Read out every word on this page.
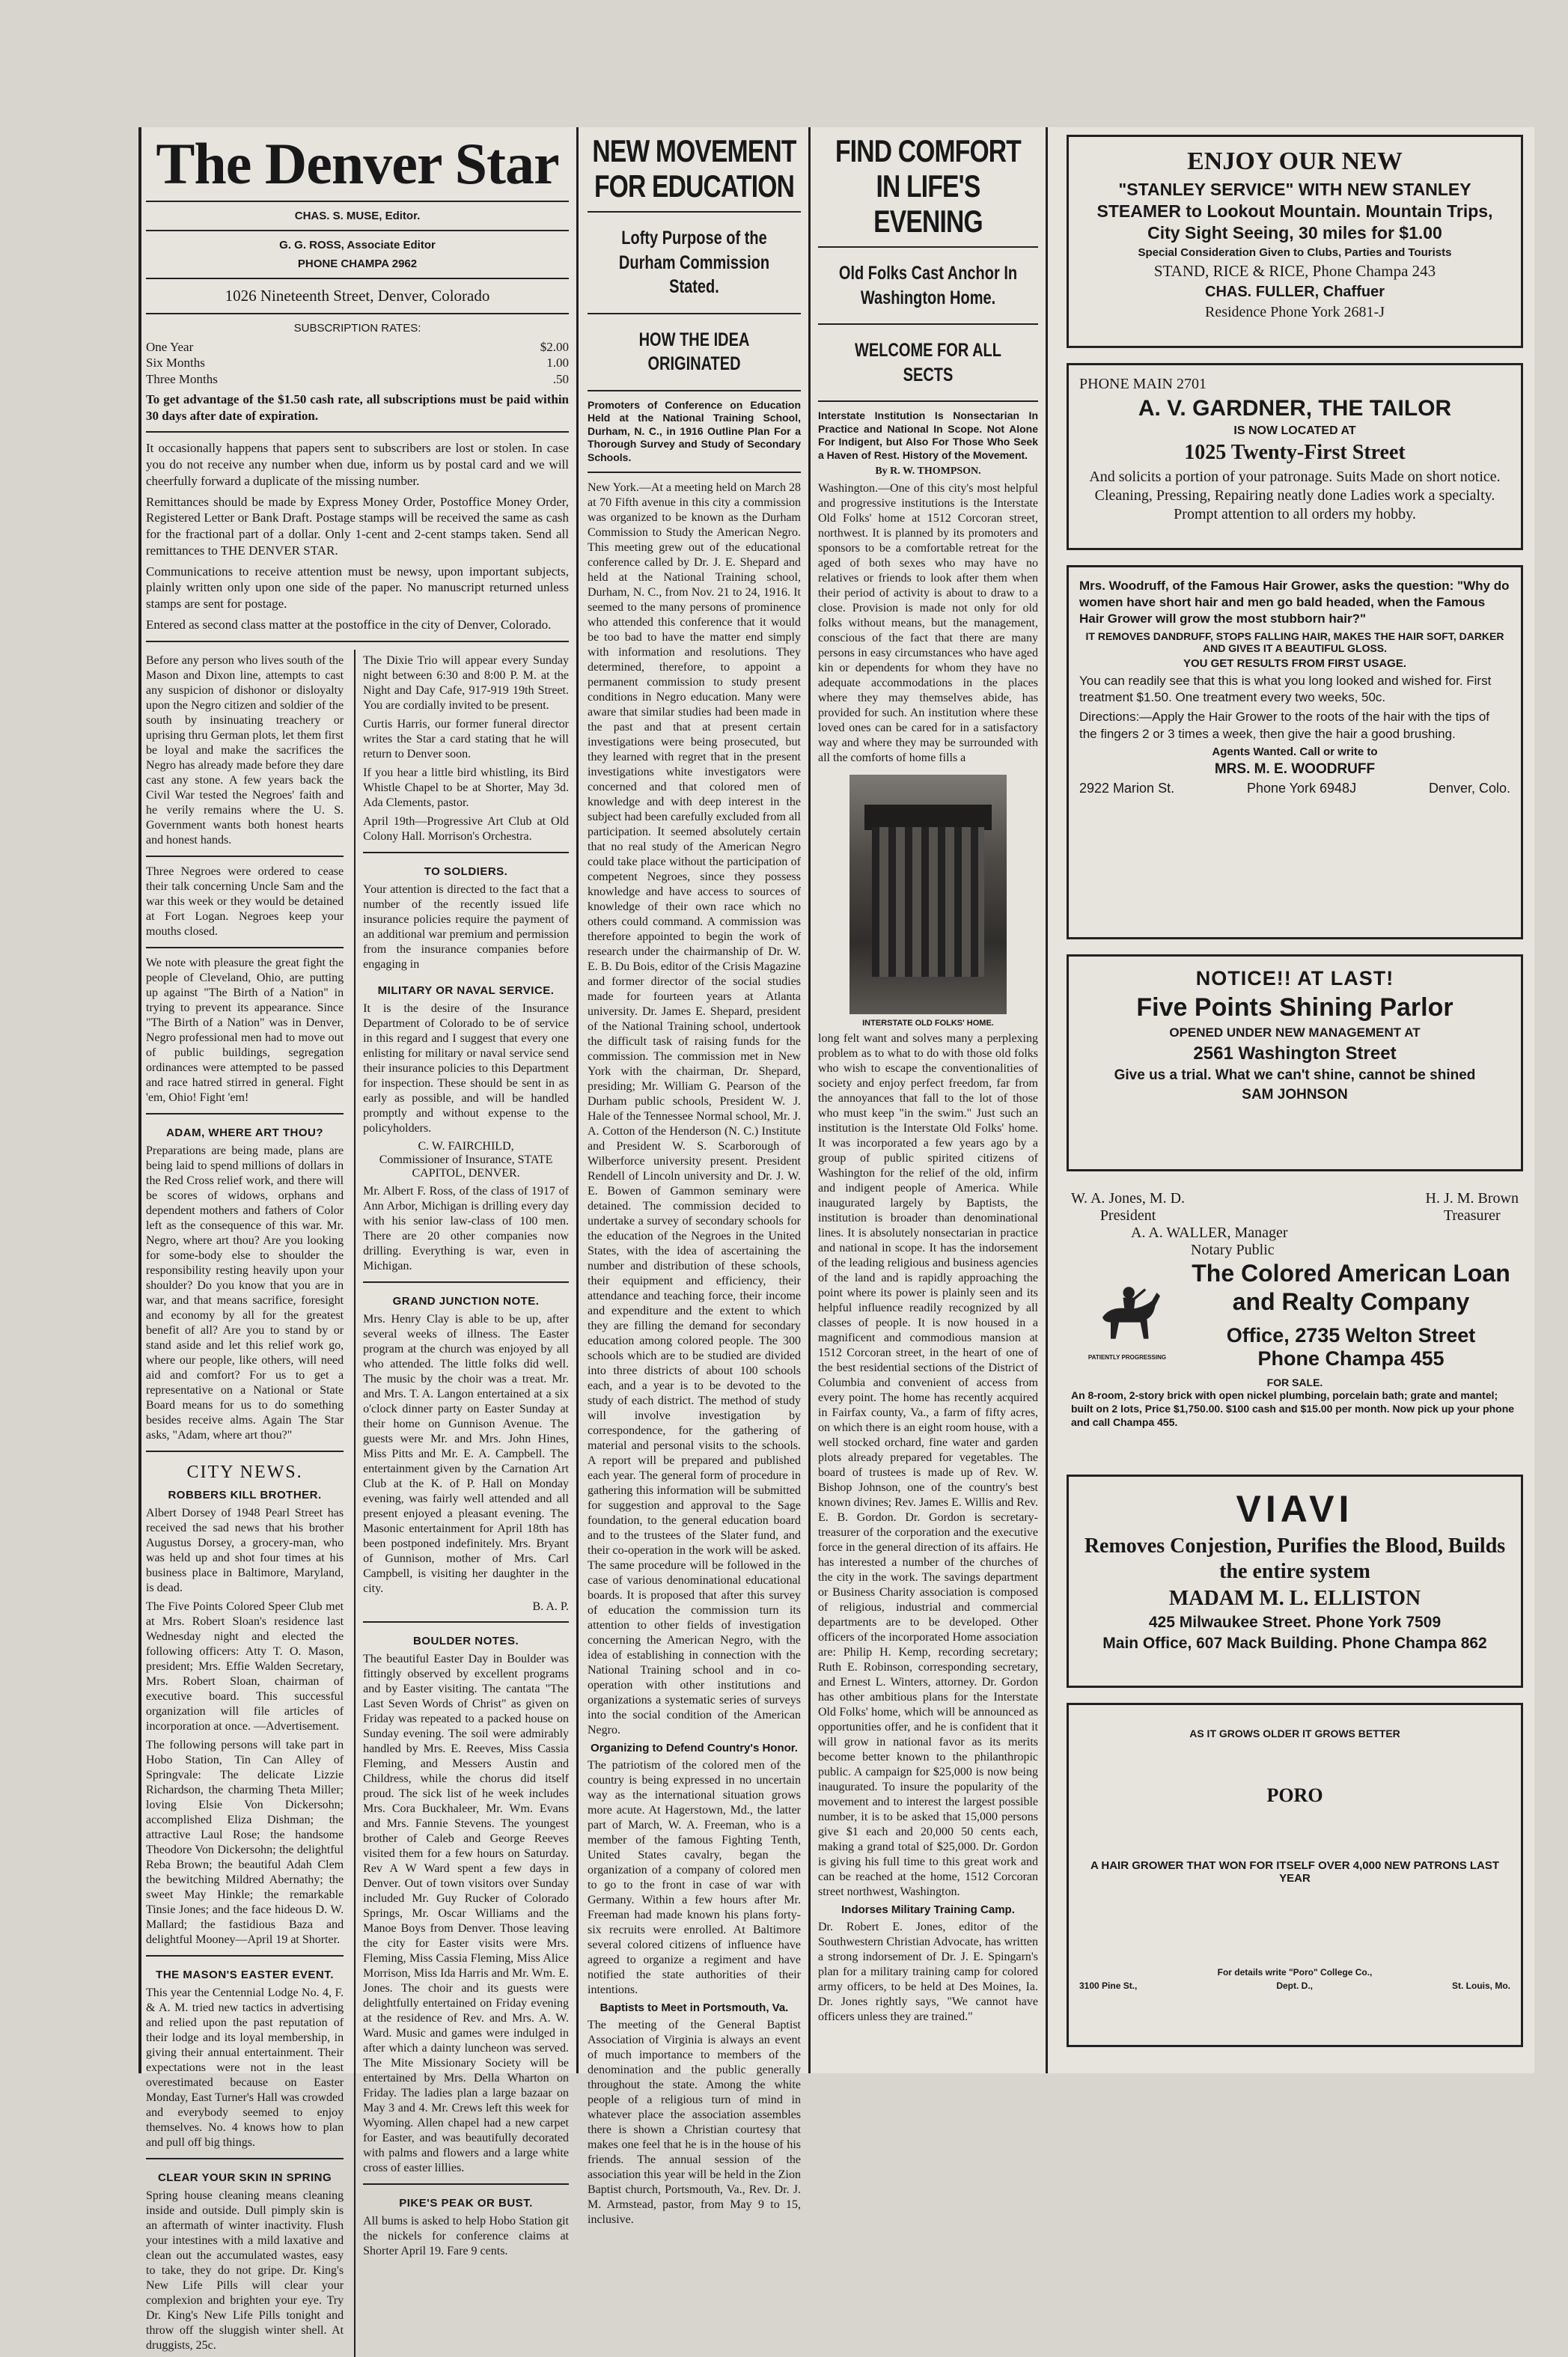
The Denver Star
CHAS. S. MUSE, Editor.
G. G. ROSS, Associate Editor
PHONE CHAMPA 2962
1026 Nineteenth Street, Denver, Colorado
SUBSCRIPTION RATES:
One Year	$2.00
Six Months	1.00
Three Months	.50

To get advantage of the $1.50 cash rate, all subscriptions must be paid within 30 days after date of expiration.

It occasionally happens that papers sent to subscribers are lost or stolen. In case you do not receive any number when due, inform us by postal card and we will cheerfully forward a duplicate of the missing number.

Remittances should be made by Express Money Order, Postoffice Money Order, Registered Letter or Bank Draft. Postage stamps will be received the same as cash for the fractional part of a dollar. Only 1-cent and 2-cent stamps taken. Send all remittances to THE DENVER STAR.

Communications to receive attention must be newsy, upon important subjects, plainly written only upon one side of the paper. No manuscript returned unless stamps are sent for postage.

Entered as second class matter at the postoffice in the city of Denver, Colorado.

Before any person who lives south of the Mason and Dixon line, attempts to cast any suspicion of dishonor or disloyalty upon the Negro citizen and soldier of the south by insinuating treachery or uprising thru German plots, let them first be loyal and make the sacrifices the Negro has already made before they dare cast any stone. A few years back the Civil War tested the Negroes' faith and he verily remains where the U. S. Government wants both honest hearts and honest hands.

Three Negroes were ordered to cease their talk concerning Uncle Sam and the war this week or they would be detained at Fort Logan. Negroes keep your mouths closed.

We note with pleasure the great fight the people of Cleveland, Ohio, are putting up against "The Birth of a Nation" in trying to prevent its appearance. Since "The Birth of a Nation" was in Denver, Negro professional men had to move out of public buildings, segregation ordinances were attempted to be passed and race hatred stirred in general. Fight 'em, Ohio! Fight 'em!

ADAM, WHERE ART THOU?

Preparations are being made, plans are being laid to spend millions of dollars in the Red Cross relief work, and there will be scores of widows, orphans and dependent mothers and fathers of Color left as the consequence of this war. Mr. Negro, where art thou? Are you looking for some-body else to shoulder the responsibility resting heavily upon your shoulder? Do you know that you are in war, and that means sacrifice, foresight and economy by all for the greatest benefit of all? Are you to stand by or stand aside and let this relief work go, where our people, like others, will need aid and comfort? For us to get a representative on a National or State Board means for us to do something besides receive alms. Again The Star asks, "Adam, where art thou?"

CITY NEWS.
ROBBERS KILL BROTHER.

Albert Dorsey of 1948 Pearl Street has received the sad news that his brother Augustus Dorsey, a grocery-man, who was held up and shot four times at his business place in Baltimore, Maryland, is dead.

The Five Points Colored Speer Club met at Mrs. Robert Sloan's residence last Wednesday night and elected the following officers: Atty T. O. Mason, president; Mrs. Effie Walden Secretary, Mrs. Robert Sloan, chairman of executive board. This successful organization will file articles of incorporation at once. —Advertisement.

The following persons will take part in Hobo Station, Tin Can Alley of Springvale: The delicate Lizzie Richardson, the charming Theta Miller; loving Elsie Von Dickersohn; accomplished Eliza Dishman; the attractive Laul Rose; the handsome Theodore Von Dickersohn; the delightful Reba Brown; the beautiful Adah Clem the bewitching Mildred Abernathy; the sweet May Hinkle; the remarkable Tinsie Jones; and the face hideous D. W. Mallard; the fastidious Baza and delightful Mooney—April 19 at Shorter.

THE MASON'S EASTER EVENT.

This year the Centennial Lodge No. 4, F. & A. M. tried new tactics in advertising and relied upon the past reputation of their lodge and its loyal membership, in giving their annual entertainment. Their expectations were not in the least overestimated because on Easter Monday, East Turner's Hall was crowded and everybody seemed to enjoy themselves. No. 4 knows how to plan and pull off big things.

CLEAR YOUR SKIN IN SPRING

Spring house cleaning means cleaning inside and outside. Dull pimply skin is an aftermath of winter inactivity. Flush your intestines with a mild laxative and clean out the accumulated wastes, easy to take, they do not gripe. Dr. King's New Life Pills will clear your complexion and brighten your eye. Try Dr. King's New Life Pills tonight and throw off the sluggish winter shell. At druggists, 25c.

The Dixie Trio will appear every Sunday night between 6:30 and 8:00 P. M. at the Night and Day Cafe, 917-919 19th Street. You are cordially invited to be present.

Curtis Harris, our former funeral director writes the Star a card stating that he will return to Denver soon.

If you hear a little bird whistling, its Bird Whistle Chapel to be at Shorter, May 3d. Ada Clements, pastor.

April 19th—Progressive Art Club at Old Colony Hall. Morrison's Orchestra.

TO SOLDIERS.

Your attention is directed to the fact that a number of the recently issued life insurance policies require the payment of an additional war premium and permission from the insurance companies before engaging in

MILITARY OR NAVAL SERVICE.

It is the desire of the Insurance Department of Colorado to be of service in this regard and I suggest that every one enlisting for military or naval service send their insurance policies to this Department for inspection. These should be sent in as early as possible, and will be handled promptly and without expense to the policyholders.

C. W. FAIRCHILD,
Commissioner of Insurance, STATE CAPITOL, DENVER.

Mr. Albert F. Ross, of the class of 1917 of Ann Arbor, Michigan is drilling every day with his senior law-class of 100 men. There are 20 other companies now drilling. Everything is war, even in Michigan.

GRAND JUNCTION NOTE.

Mrs. Henry Clay is able to be up, after several weeks of illness. The Easter program at the church was enjoyed by all who attended. The little folks did well. The music by the choir was a treat. Mr. and Mrs. T. A. Langon entertained at a six o'clock dinner party on Easter Sunday at their home on Gunnison Avenue. The guests were Mr. and Mrs. John Hines, Miss Pitts and Mr. E. A. Campbell. The entertainment given by the Carnation Art Club at the K. of P. Hall on Monday evening, was fairly well attended and all present enjoyed a pleasant evening. The Masonic entertainment for April 18th has been postponed indefinitely. Mrs. Bryant of Gunnison, mother of Mrs. Carl Campbell, is visiting her daughter in the city.

B. A. P.
BOULDER NOTES.

The beautiful Easter Day in Boulder was fittingly observed by excellent programs and by Easter visiting. The cantata "The Last Seven Words of Christ" as given on Friday was repeated to a packed house on Sunday evening. The soil were admirably handled by Mrs. E. Reeves, Miss Cassia Fleming, and Messers Austin and Childress, while the chorus did itself proud. The sick list of he week includes Mrs. Cora Buckhaleer, Mr. Wm. Evans and Mrs. Fannie Stevens. The youngest brother of Caleb and George Reeves visited them for a few hours on Saturday. Rev A W Ward spent a few days in Denver. Out of town visitors over Sunday included Mr. Guy Rucker of Colorado Springs, Mr. Oscar Williams and the Manoe Boys from Denver. Those leaving the city for Easter visits were Mrs. Fleming, Miss Cassia Fleming, Miss Alice Morrison, Miss Ida Harris and Mr. Wm. E. Jones. The choir and its guests were delightfully entertained on Friday evening at the residence of Rev. and Mrs. A. W. Ward. Music and games were indulged in after which a dainty luncheon was served. The Mite Missionary Society will be entertained by Mrs. Della Wharton on Friday. The ladies plan a large bazaar on May 3 and 4. Mr. Crews left this week for Wyoming. Allen chapel had a new carpet for Easter, and was beautifully decorated with palms and flowers and a large white cross of easter lillies.

PIKE'S PEAK OR BUST.

All bums is asked to help Hobo Station git the nickels for conference claims at Shorter April 19. Fare 9 cents.

NEW MOVEMENT FOR EDUCATION
Lofty Purpose of the Durham Commission Stated.
HOW THE IDEA ORIGINATED

Promoters of Conference on Education Held at the National Training School, Durham, N. C., in 1916 Outline Plan For a Thorough Survey and Study of Secondary Schools.

New York.—At a meeting held on March 28 at 70 Fifth avenue in this city a commission was organized to be known as the Durham Commission to Study the American Negro. This meeting grew out of the educational conference called by Dr. J. E. Shepard and held at the National Training school, Durham, N. C., from Nov. 21 to 24, 1916. It seemed to the many persons of prominence who attended this conference that it would be too bad to have the matter end simply with information and resolutions. They determined, therefore, to appoint a permanent commission to study present conditions in Negro education. Many were aware that similar studies had been made in the past and that at present certain investigations were being prosecuted, but they learned with regret that in the present investigations white investigators were concerned and that colored men of knowledge and with deep interest in the subject had been carefully excluded from all participation. It seemed absolutely certain that no real study of the American Negro could take place without the participation of competent Negroes, since they possess knowledge and have access to sources of knowledge of their own race which no others could command. A commission was therefore appointed to begin the work of research under the chairmanship of Dr. W. E. B. Du Bois, editor of the Crisis Magazine and former director of the social studies made for fourteen years at Atlanta university. Dr. James E. Shepard, president of the National Training school, undertook the difficult task of raising funds for the commission. The commission met in New York with the chairman, Dr. Shepard, presiding; Mr. William G. Pearson of the Durham public schools, President W. J. Hale of the Tennessee Normal school, Mr. J. A. Cotton of the Henderson (N. C.) Institute and President W. S. Scarborough of Wilberforce university present. President Rendell of Lincoln university and Dr. J. W. E. Bowen of Gammon seminary were detained. The commission decided to undertake a survey of secondary schools for the education of the Negroes in the United States, with the idea of ascertaining the number and distribution of these schools, their equipment and efficiency, their attendance and teaching force, their income and expenditure and the extent to which they are filling the demand for secondary education among colored people. The 300 schools which are to be studied are divided into three districts of about 100 schools each, and a year is to be devoted to the study of each district. The method of study will involve investigation by correspondence, for the gathering of material and personal visits to the schools. A report will be prepared and published each year. The general form of procedure in gathering this information will be submitted for suggestion and approval to the Sage foundation, to the general education board and to the trustees of the Slater fund, and their co-operation in the work will be asked. The same procedure will be followed in the case of various denominational educational boards. It is proposed that after this survey of education the commission turn its attention to other fields of investigation concerning the American Negro, with the idea of establishing in connection with the National Training school and in co-operation with other institutions and organizations a systematic series of surveys into the social condition of the American Negro.

Organizing to Defend Country's Honor.

The patriotism of the colored men of the country is being expressed in no uncertain way as the international situation grows more acute. At Hagerstown, Md., the latter part of March, W. A. Freeman, who is a member of the famous Fighting Tenth, United States cavalry, began the organization of a company of colored men to go to the front in case of war with Germany. Within a few hours after Mr. Freeman had made known his plans forty-six recruits were enrolled. At Baltimore several colored citizens of influence have agreed to organize a regiment and have notified the state authorities of their intentions.

Baptists to Meet in Portsmouth, Va.

The meeting of the General Baptist Association of Virginia is always an event of much importance to members of the denomination and the public generally throughout the state. Among the white people of a religious turn of mind in whatever place the association assembles there is shown a Christian courtesy that makes one feel that he is in the house of his friends. The annual session of the association this year will be held in the Zion Baptist church, Portsmouth, Va., Rev. Dr. J. M. Armstead, pastor, from May 9 to 15, inclusive.

FIND COMFORT IN LIFE'S EVENING
Old Folks Cast Anchor In Washington Home.
WELCOME FOR ALL SECTS

Interstate Institution Is Nonsectarian In Practice and National In Scope. Not Alone For Indigent, but Also For Those Who Seek a Haven of Rest. History of the Movement.

By R. W. THOMPSON.

Washington.—One of this city's most helpful and progressive institutions is the Interstate Old Folks' home at 1512 Corcoran street, northwest. It is planned by its promoters and sponsors to be a comfortable retreat for the aged of both sexes who may have no relatives or friends to look after them when their period of activity is about to draw to a close. Provision is made not only for old folks without means, but the management, conscious of the fact that there are many persons in easy circumstances who have aged kin or dependents for whom they have no adequate accommodations in the places where they may themselves abide, has provided for such. An institution where these loved ones can be cared for in a satisfactory way and where they may be surrounded with all the comforts of home fills a

INTERSTATE OLD FOLKS' HOME.

long felt want and solves many a perplexing problem as to what to do with those old folks who wish to escape the conventionalities of society and enjoy perfect freedom, far from the annoyances that fall to the lot of those who must keep "in the swim." Just such an institution is the Interstate Old Folks' home. It was incorporated a few years ago by a group of public spirited citizens of Washington for the relief of the old, infirm and indigent people of America. While inaugurated largely by Baptists, the institution is broader than denominational lines. It is absolutely nonsectarian in practice and national in scope. It has the indorsement of the leading religious and business agencies of the land and is rapidly approaching the point where its power is plainly seen and its helpful influence readily recognized by all classes of people. It is now housed in a magnificent and commodious mansion at 1512 Corcoran street, in the heart of one of the best residential sections of the District of Columbia and convenient of access from every point. The home has recently acquired in Fairfax county, Va., a farm of fifty acres, on which there is an eight room house, with a well stocked orchard, fine water and garden plots already prepared for vegetables. The board of trustees is made up of Rev. W. Bishop Johnson, one of the country's best known divines; Rev. James E. Willis and Rev. E. B. Gordon. Dr. Gordon is secretary-treasurer of the corporation and the executive force in the general direction of its affairs. He has interested a number of the churches of the city in the work. The savings department or Business Charity association is composed of religious, industrial and commercial departments are to be developed. Other officers of the incorporated Home association are: Philip H. Kemp, recording secretary; Ruth E. Robinson, corresponding secretary, and Ernest L. Winters, attorney. Dr. Gordon has other ambitious plans for the Interstate Old Folks' home, which will be announced as opportunities offer, and he is confident that it will grow in national favor as its merits become better known to the philanthropic public. A campaign for $25,000 is now being inaugurated. To insure the popularity of the movement and to interest the largest possible number, it is to be asked that 15,000 persons give $1 each and 20,000 50 cents each, making a grand total of $25,000. Dr. Gordon is giving his full time to this great work and can be reached at the home, 1512 Corcoran street northwest, Washington.

Indorses Military Training Camp.

Dr. Robert E. Jones, editor of the Southwestern Christian Advocate, has written a strong indorsement of Dr. J. E. Spingarn's plan for a military training camp for colored army officers, to be held at Des Moines, Ia. Dr. Jones rightly says, "We cannot have officers unless they are trained."

ENJOY OUR NEW

"STANLEY SERVICE" WITH NEW STANLEY STEAMER to Lookout Mountain. Mountain Trips, City Sight Seeing, 30 miles for $1.00

Special Consideration Given to Clubs, Parties and Tourists

STAND, RICE & RICE, Phone Champa 243

CHAS. FULLER, Chaffuer

Residence Phone York 2681-J

PHONE MAIN 2701

A. V. GARDNER, THE TAILOR

IS NOW LOCATED AT

1025 Twenty-First Street

And solicits a portion of your patronage. Suits Made on short notice. Cleaning, Pressing, Repairing neatly done Ladies work a specialty. Prompt attention to all orders my hobby.

Mrs. Woodruff, of the Famous Hair Grower, asks the question: "Why do women have short hair and men go bald headed, when the Famous Hair Grower will grow the most stubborn hair?"

IT REMOVES DANDRUFF, STOPS FALLING HAIR, MAKES THE HAIR SOFT, DARKER AND GIVES IT A BEAUTIFUL GLOSS.

YOU GET RESULTS FROM FIRST USAGE.

You can readily see that this is what you long looked and wished for. First treatment $1.50. One treatment every two weeks, 50c.

Directions:—Apply the Hair Grower to the roots of the hair with the tips of the fingers 2 or 3 times a week, then give the hair a good brushing.

Agents Wanted. Call or write to

MRS. M. E. WOODRUFF

2922 Marion St.	Phone York 6948J	Denver, Colo.

NOTICE!! AT LAST!

Five Points Shining Parlor

OPENED UNDER NEW MANAGEMENT AT

2561 Washington Street

Give us a trial. What we can't shine, cannot be shined

SAM JOHNSON

W. A. Jones, M. D.
President
H. J. M. Brown
Treasurer
A. A. WALLER, Manager
Notary Public
PATIENTLY PROGRESSING
The Colored American Loan and Realty Company
Office, 2735 Welton Street
Phone Champa 455
FOR SALE.
An 8-room, 2-story brick with open nickel plumbing, porcelain bath; grate and mantel; built on 2 lots, Price $1,750.00. $100 cash and $15.00 per month. Now pick up your phone and call Champa 455.

VIAVI

Removes Conjestion, Purifies the Blood, Builds the entire system

MADAM M. L. ELLISTON

425 Milwaukee Street. Phone York 7509

Main Office, 607 Mack Building. Phone Champa 862

AS IT GROWS OLDER IT GROWS BETTER

PORO

A HAIR GROWER THAT WON FOR ITSELF OVER 4,000 NEW PATRONS LAST YEAR

For details write "Poro" College Co.,

3100 Pine St.,	Dept. D.,	St. Louis, Mo.
